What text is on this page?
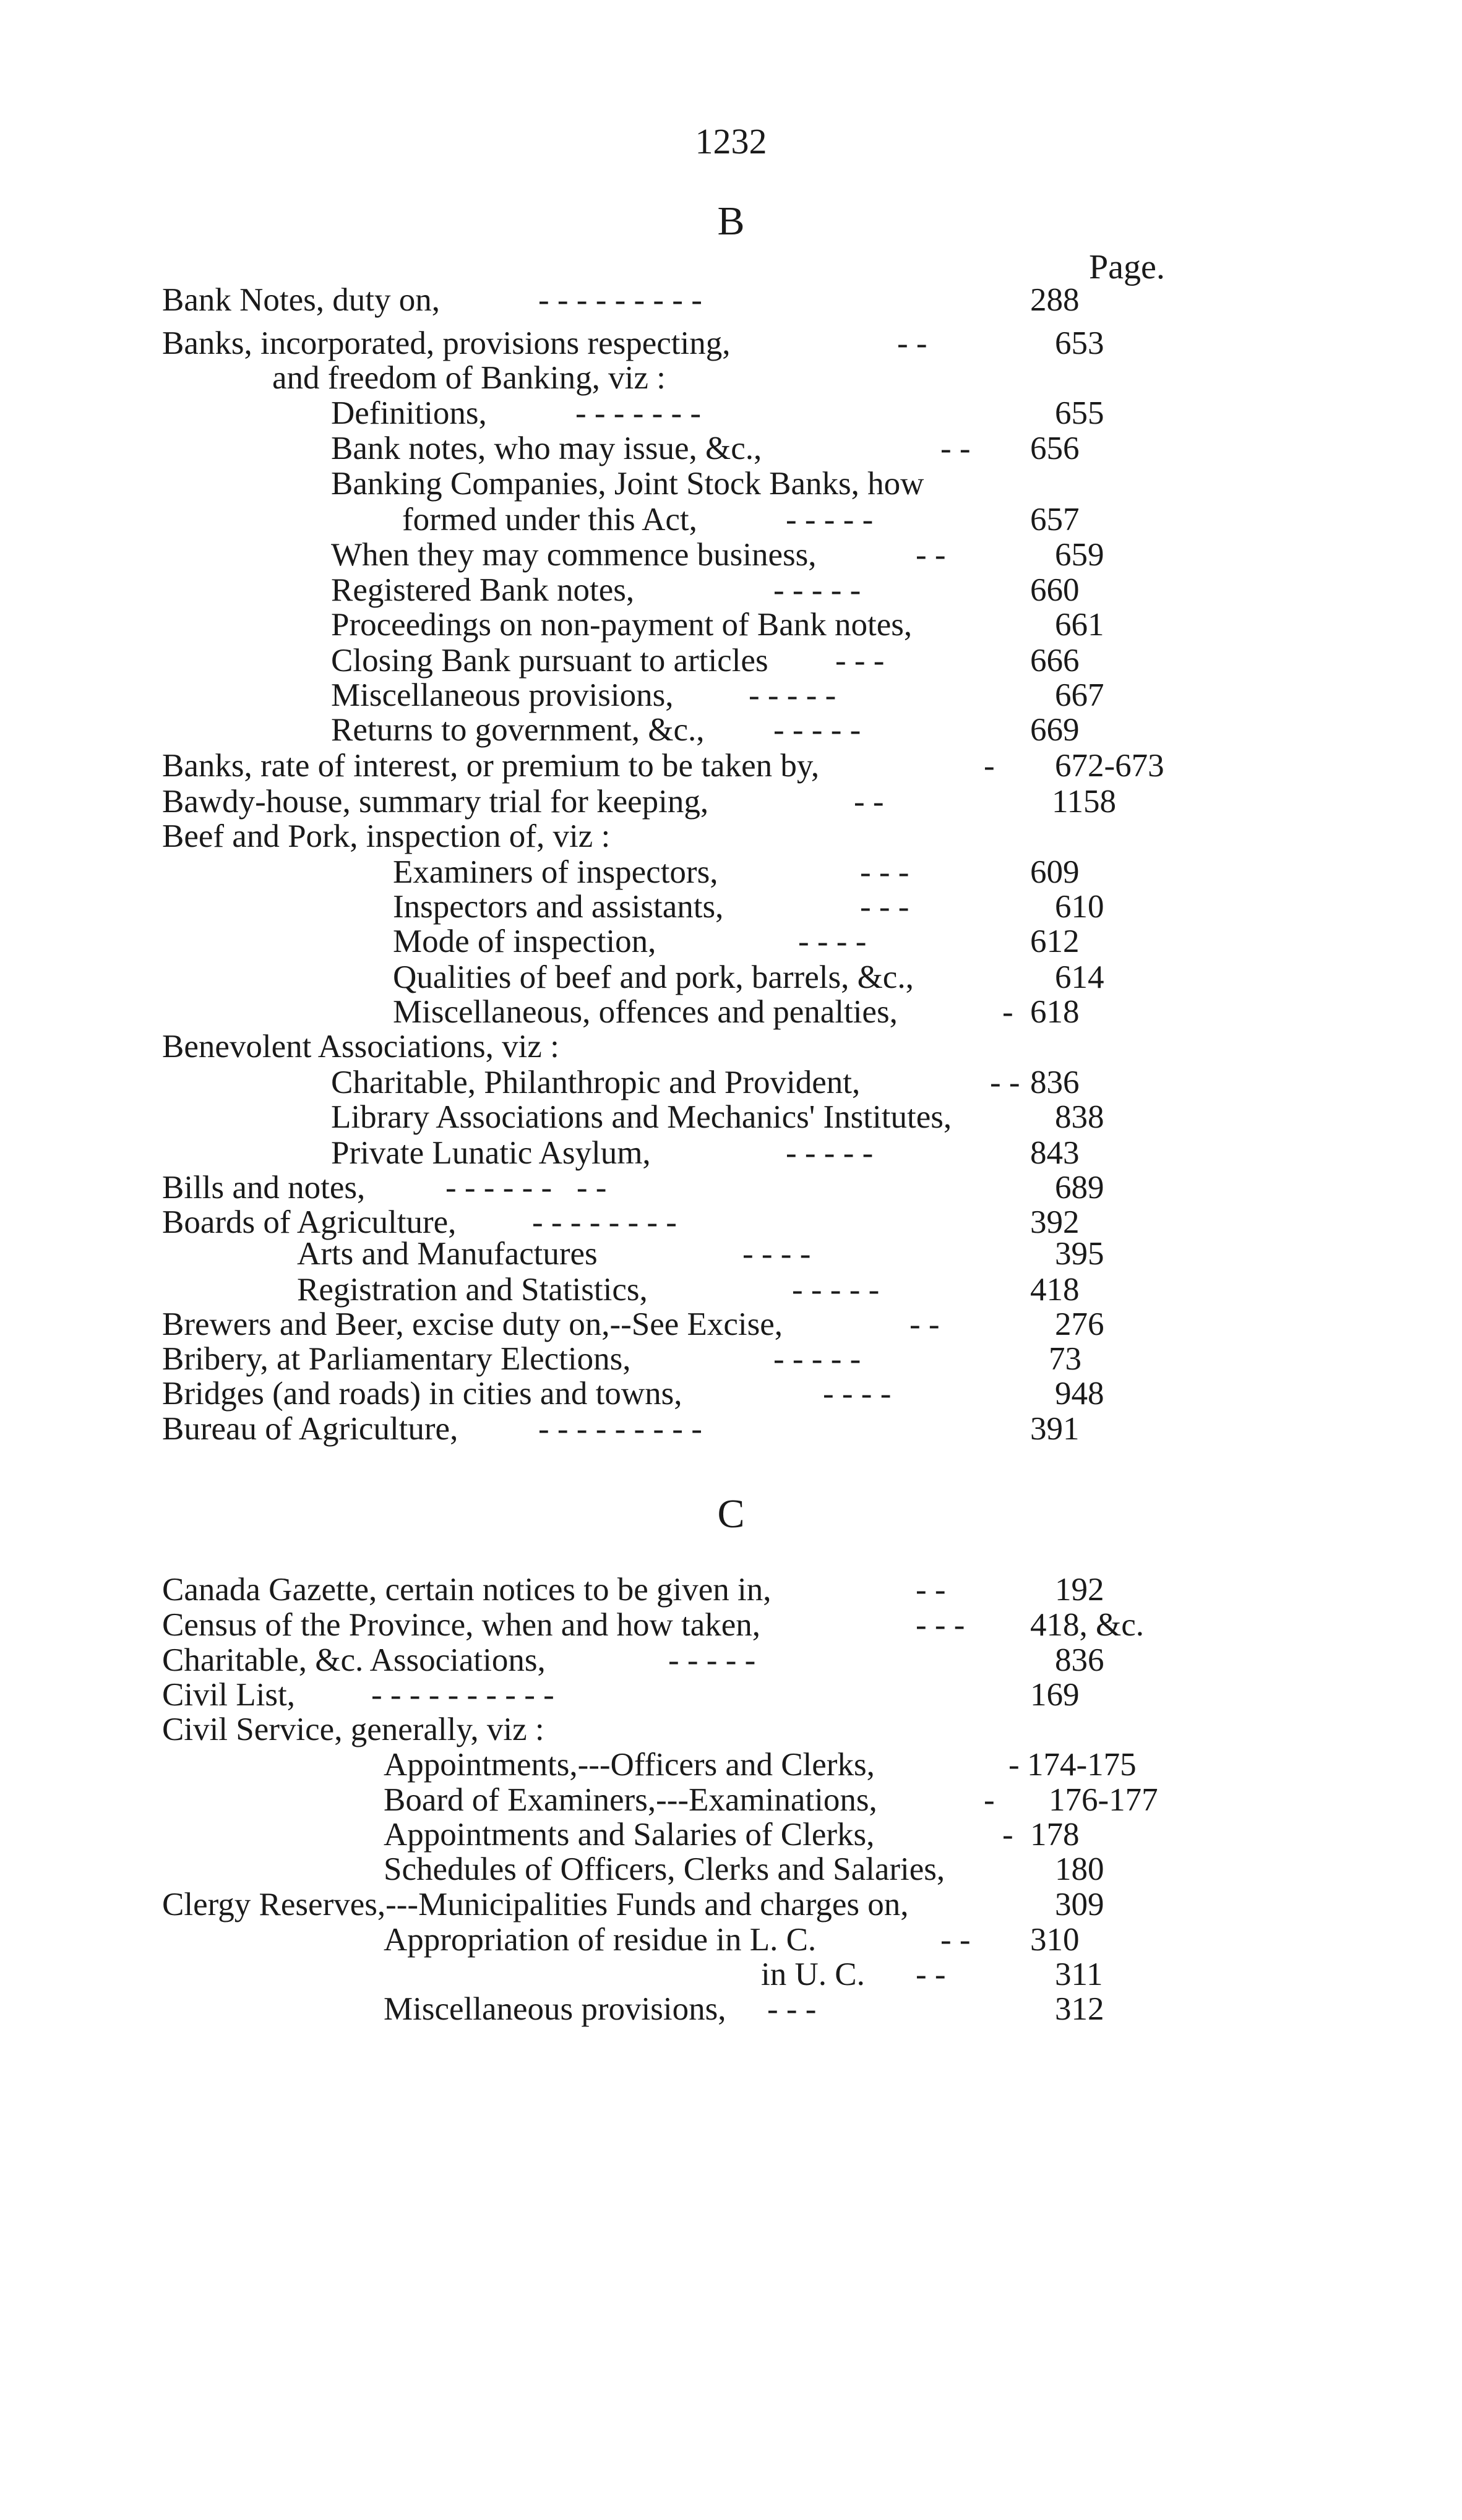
1232
B
Page.
C
Bank Notes, duty on,	- - - - - - - - -	288
Banks, incorporated, provisions respecting,	- -	653
and freedom of Banking, viz :
Definitions,	- - - - - - -	655
Bank notes, who may issue, &c.,	- - 656
Banking Companies, Joint Stock Banks, how
formed under this Act,	- - - - -	657
When they may commence business,	- -	659
Registered Bank notes,	- - - - -	660
Proceedings on non-payment of Bank notes,	661
Closing Bank pursuant to articles - - -	666
Miscellaneous provisions, - - - - -	667
Returns to government, &c., - - - - -	669
Banks, rate of interest, or premium to be taken by,	- 672-673
Bawdy-house, summary trial for keeping,	- -	1158
Beef and Pork, inspection of, viz :
Examiners of inspectors,	- - -	609
Inspectors and assistants,	- - -	610
Mode of inspection,	- - - -	612
Qualities of beef and pork, barrels, &c.,	614
Miscellaneous, offences and penalties,	- 618
Benevolent Associations, viz :
Charitable, Philanthropic and Provident,	- - 836
Library Associations and Mechanics' Institutes,	838
Private Lunatic Asylum,	- - - - -	843
Bills and notes, - - - - - -   - -	689
Boards of Agriculture, - - - - - - - -	392
Arts and Manufactures	- - - -	395
Registration and Statistics,	- - - - -	418
Brewers and Beer, excise duty on,--See Excise,	- -	276
Bribery, at Parliamentary Elections,	- - - - -	73
Bridges (and roads) in cities and towns,	- - - -	948
Bureau of Agriculture, - - - - - - - - -	391
Canada Gazette, certain notices to be given in,	- -	192
Census of the Province, when and how taken,	- - - 418, &c.
Charitable, &c. Associations,	- - - - -	836
Civil List, - - - - - - - - - -	169
Civil Service, generally, viz :
Appointments,---Officers and Clerks,	- 174-175
Board of Examiners,---Examinations,	- 176-177
Appointments and Salaries of Clerks,	- 178
Schedules of Officers, Clerks and Salaries,	180
Clergy Reserves,---Municipalities Funds and charges on,	309
Appropriation of residue in L. C.	- - 310
in U. C. - -	311
Miscellaneous provisions, - - -	312
